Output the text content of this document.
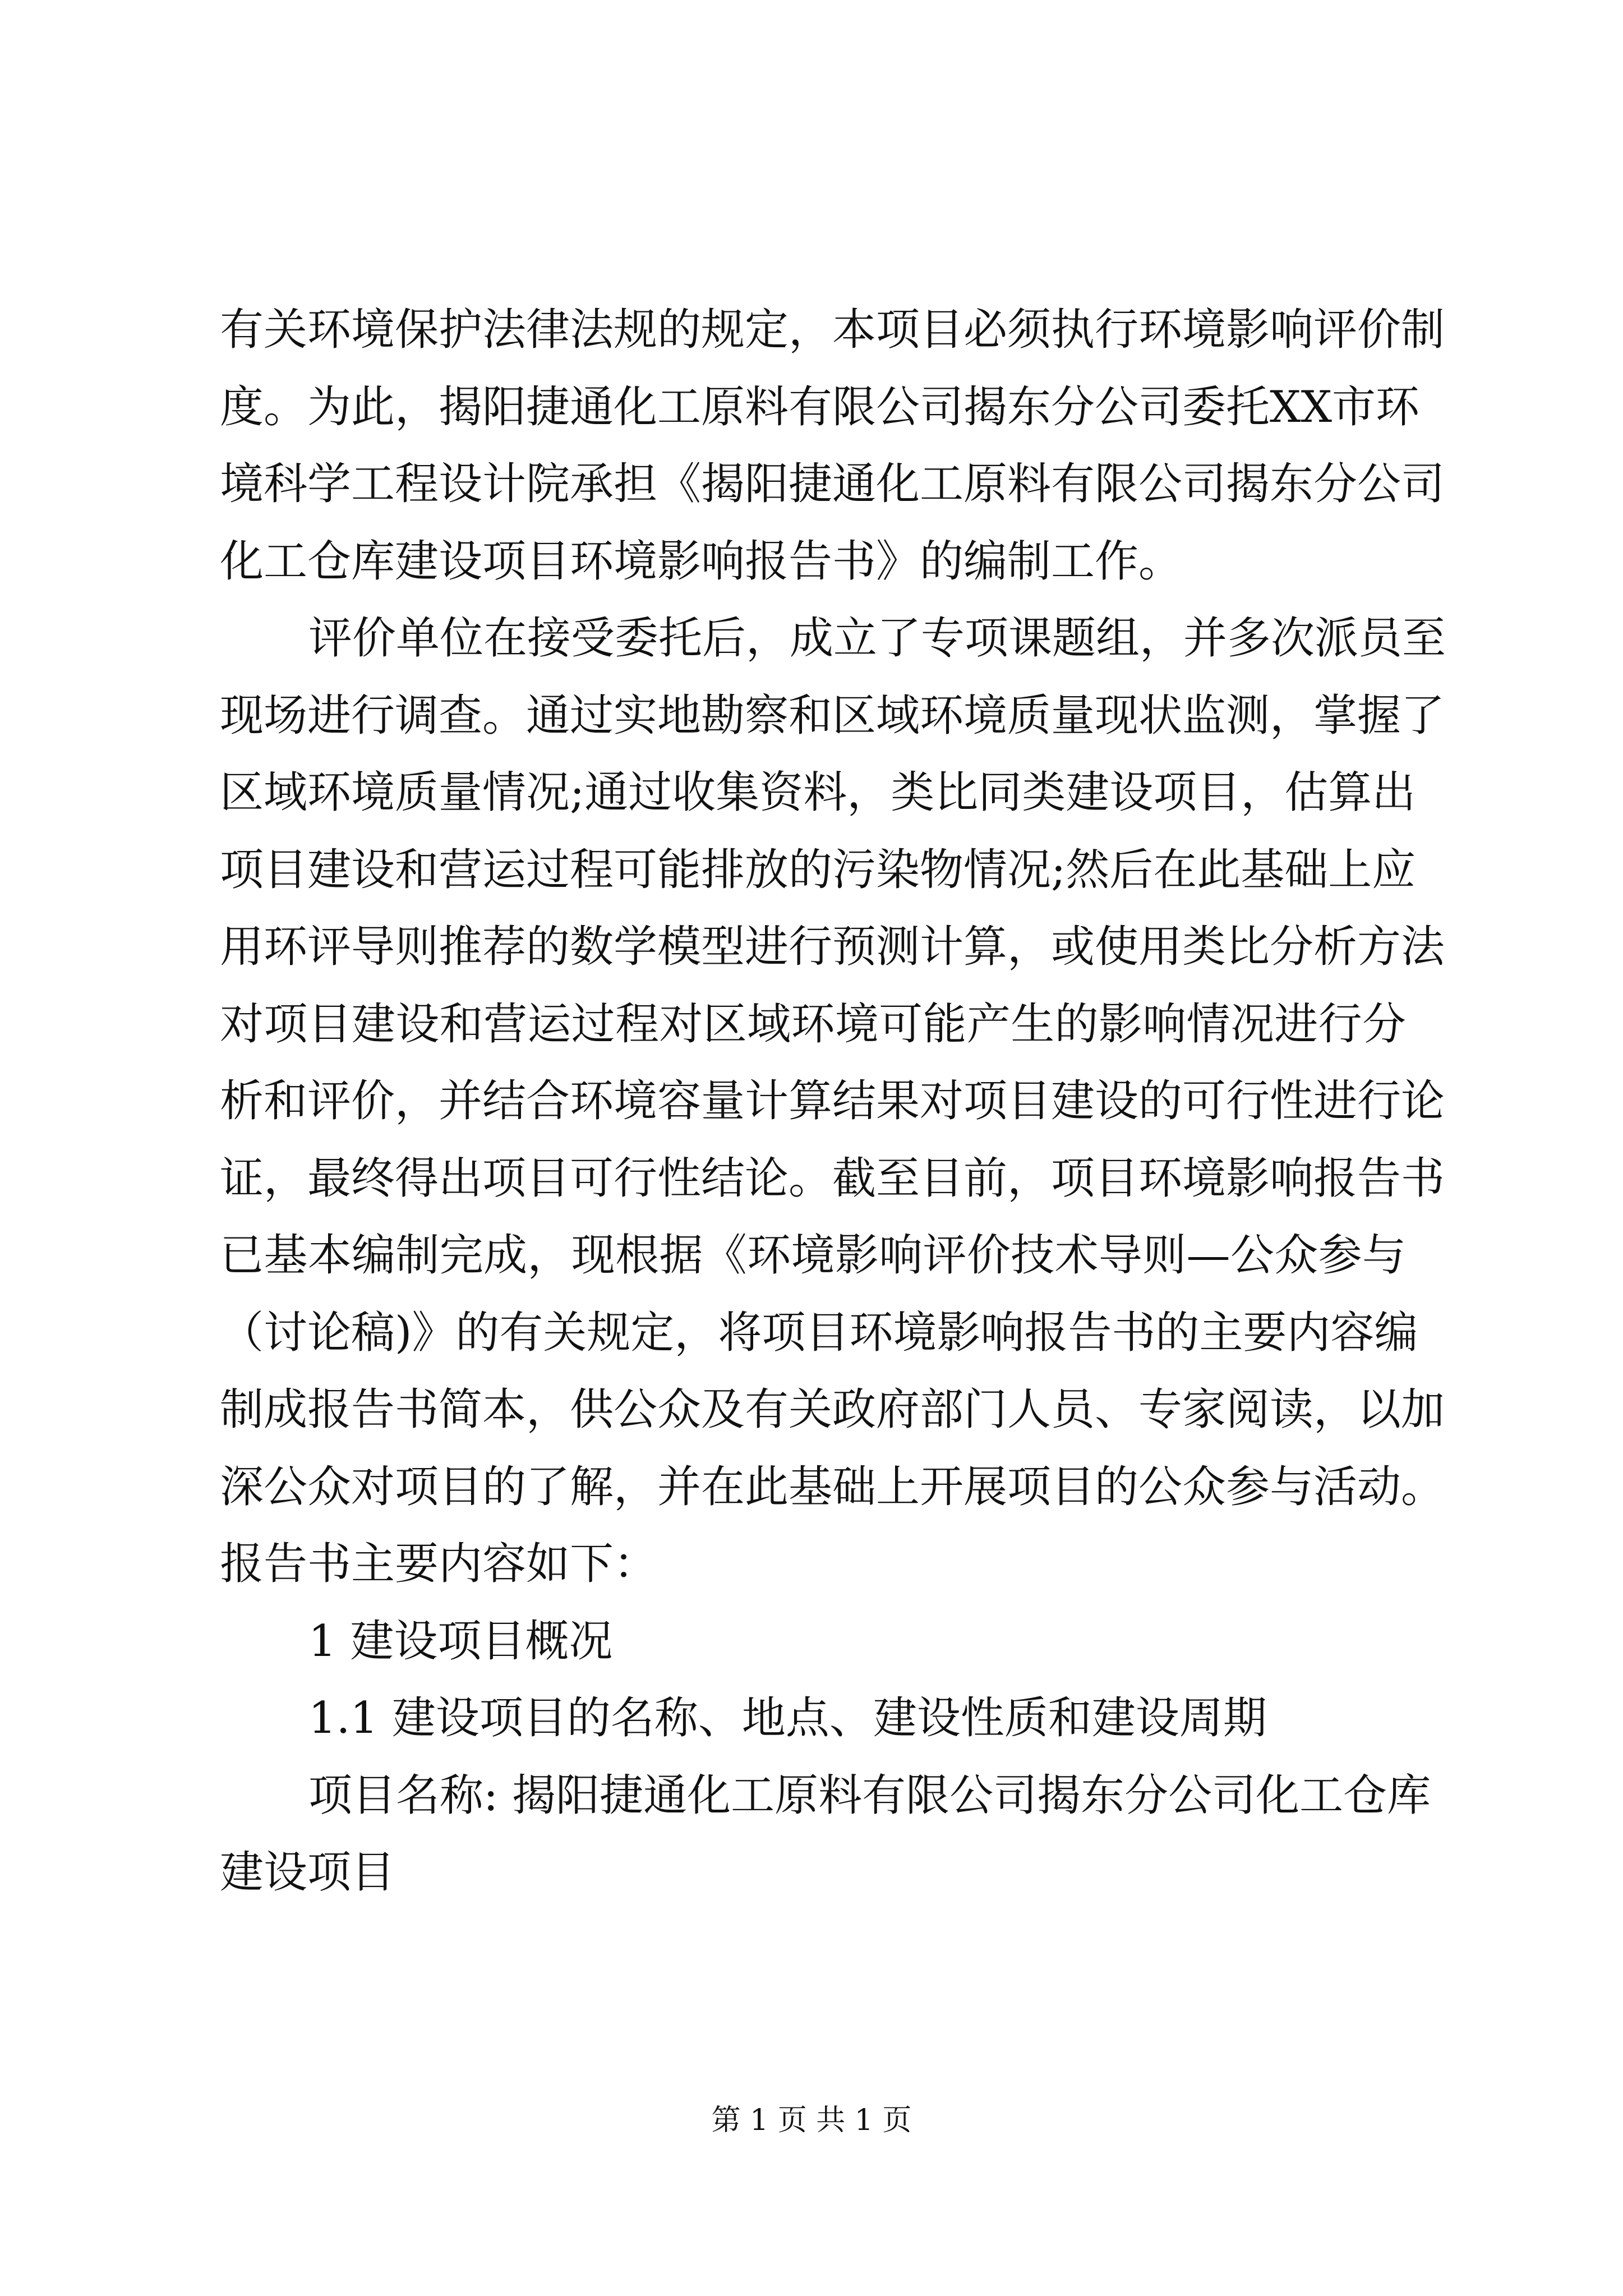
有关环境保护法律法规的规定，本项目必须执行环境影响评价制
度。为此，揭阳捷通化工原料有限公司揭东分公司委托XX市环
境科学工程设计院承担《揭阳捷通化工原料有限公司揭东分公司
化工仓库建设项目环境影响报告书》的编制工作。
评价单位在接受委托后，成立了专项课题组，并多次派员至
现场进行调查。通过实地勘察和区域环境质量现状监测，掌握了
区域环境质量情况;通过收集资料，类比同类建设项目，估算出
项目建设和营运过程可能排放的污染物情况;然后在此基础上应
用环评导则推荐的数学模型进行预测计算，或使用类比分析方法
对项目建设和营运过程对区域环境可能产生的影响情况进行分
析和评价，并结合环境容量计算结果对项目建设的可行性进行论
证，最终得出项目可行性结论。截至目前，项目环境影响报告书
已基本编制完成，现根据《环境影响评价技术导则—公众参与
（讨论稿)》的有关规定，将项目环境影响报告书的主要内容编
制成报告书简本，供公众及有关政府部门人员、专家阅读，以加
深公众对项目的了解，并在此基础上开展项目的公众参与活动。
报告书主要内容如下：
1 建设项目概况
1.1 建设项目的名称、地点、建设性质和建设周期
项目名称: 揭阳捷通化工原料有限公司揭东分公司化工仓库
建设项目
第 1 页 共 1 页
